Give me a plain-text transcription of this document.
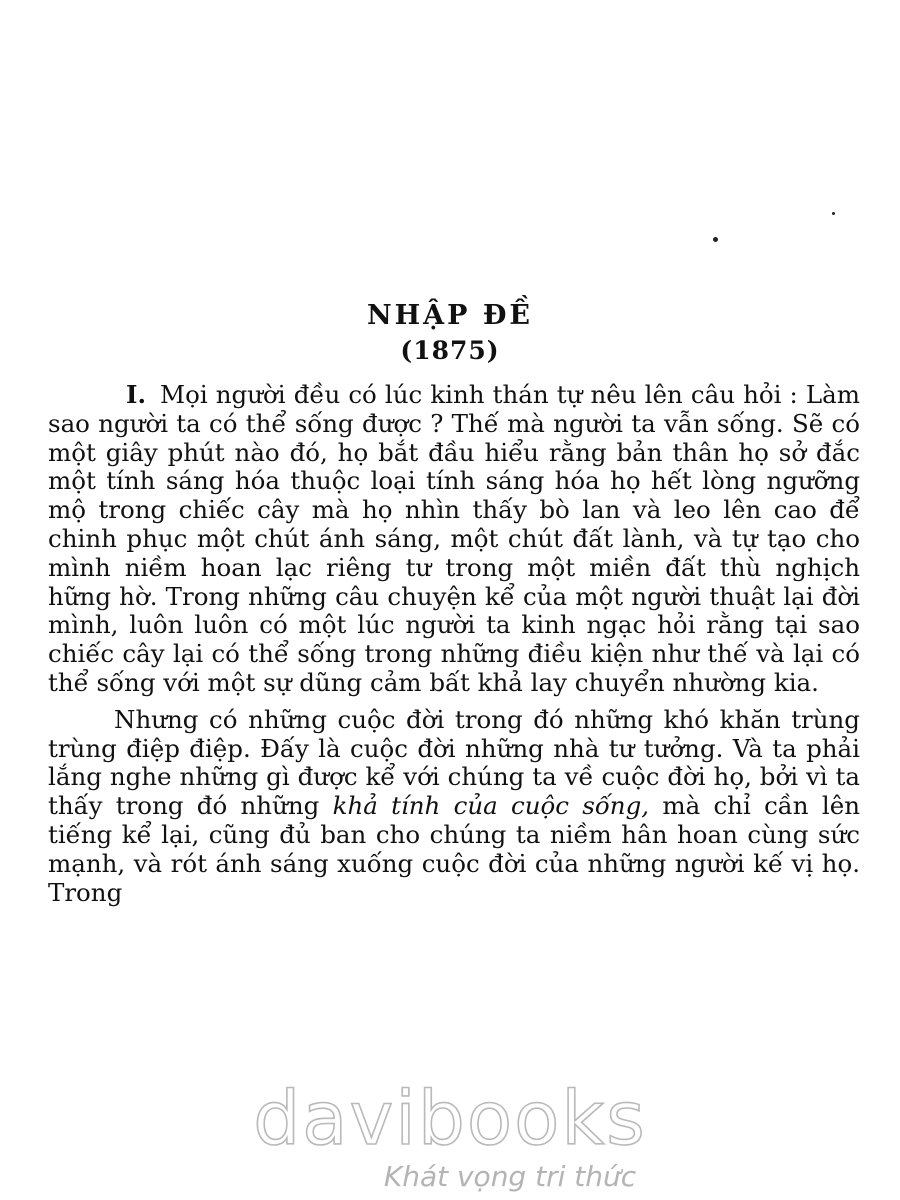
NHẬP ĐỀ
(1875)

I. Mọi người đều có lúc kinh thán tự nêu lên câu hỏi : Làm sao người ta có thể sống được ? Thế mà người ta vẫn sống. Sẽ có một giây phút nào đó, họ bắt đầu hiểu rằng bản thân họ sở đắc một tính sáng hóa thuộc loại tính sáng hóa họ hết lòng ngưỡng mộ trong chiếc cây mà họ nhìn thấy bò lan và leo lên cao để chinh phục một chút ánh sáng, một chút đất lành, và tự tạo cho mình niềm hoan lạc riêng tư trong một miền đất thù nghịch hững hờ. Trong những câu chuyện kể của một người thuật lại đời mình, luôn luôn có một lúc người ta kinh ngạc hỏi rằng tại sao chiếc cây lại có thể sống trong những điều kiện như thế và lại có thể sống với một sự dũng cảm bất khả lay chuyển nhường kia.

Nhưng có những cuộc đời trong đó những khó khăn trùng trùng điệp điệp. Đấy là cuộc đời những nhà tư tưởng. Và ta phải lắng nghe những gì được kể với chúng ta về cuộc đời họ, bởi vì ta thấy trong đó những khả tính của cuộc sống, mà chỉ cần lên tiếng kể lại, cũng đủ ban cho chúng ta niềm hân hoan cùng sức mạnh, và rót ánh sáng xuống cuộc đời của những người kế vị họ. Trong

davibooks
Khát vọng tri thức
